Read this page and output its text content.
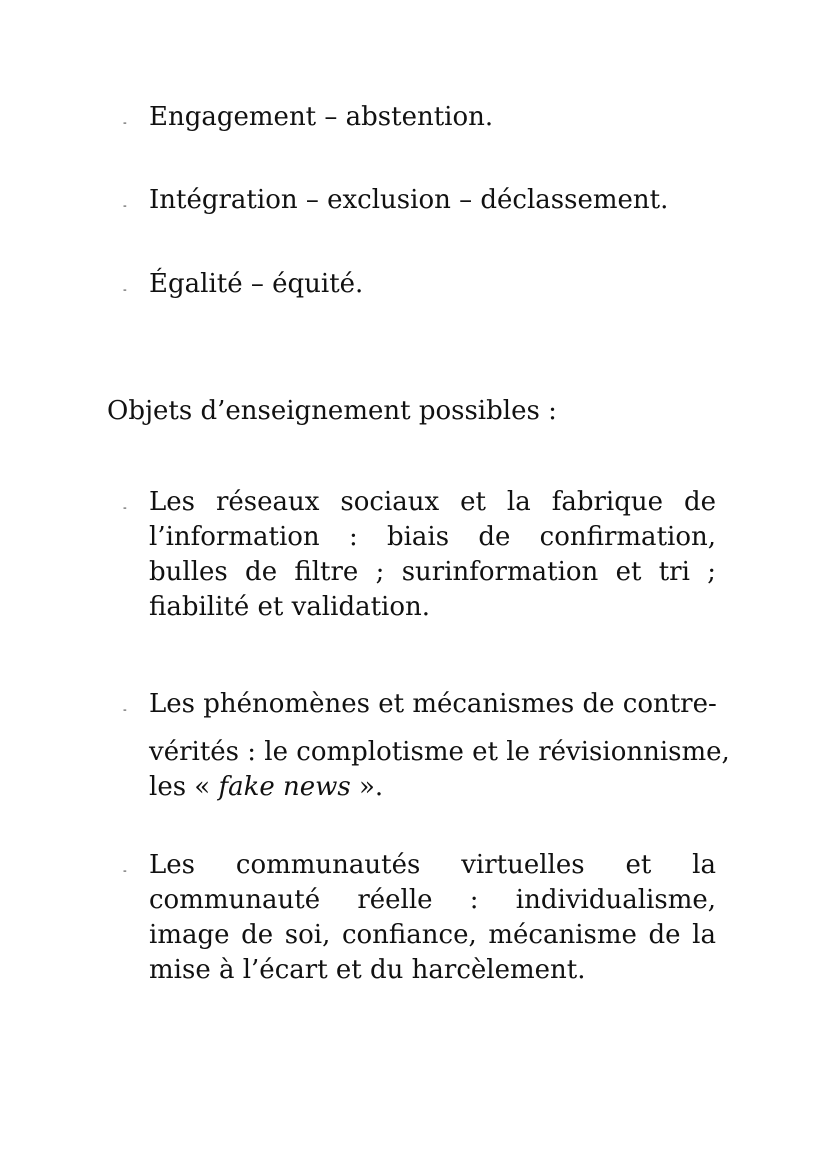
- Engagement – abstention.

- Intégration – exclusion – déclassement.

- Égalité – équité.

Objets d’enseignement possibles :

- Les réseaux sociaux et la fabrique de l’information : biais de confirmation, bulles de filtre ; surinformation et tri ; fiabilité et validation.

- Les phénomènes et mécanismes de contre-

vérités : le complotisme et le révisionnisme,

les « fake news ».

- Les communautés virtuelles et la communauté réelle : individualisme, image de soi, confiance, mécanisme de la mise à l’écart et du harcèlement.
